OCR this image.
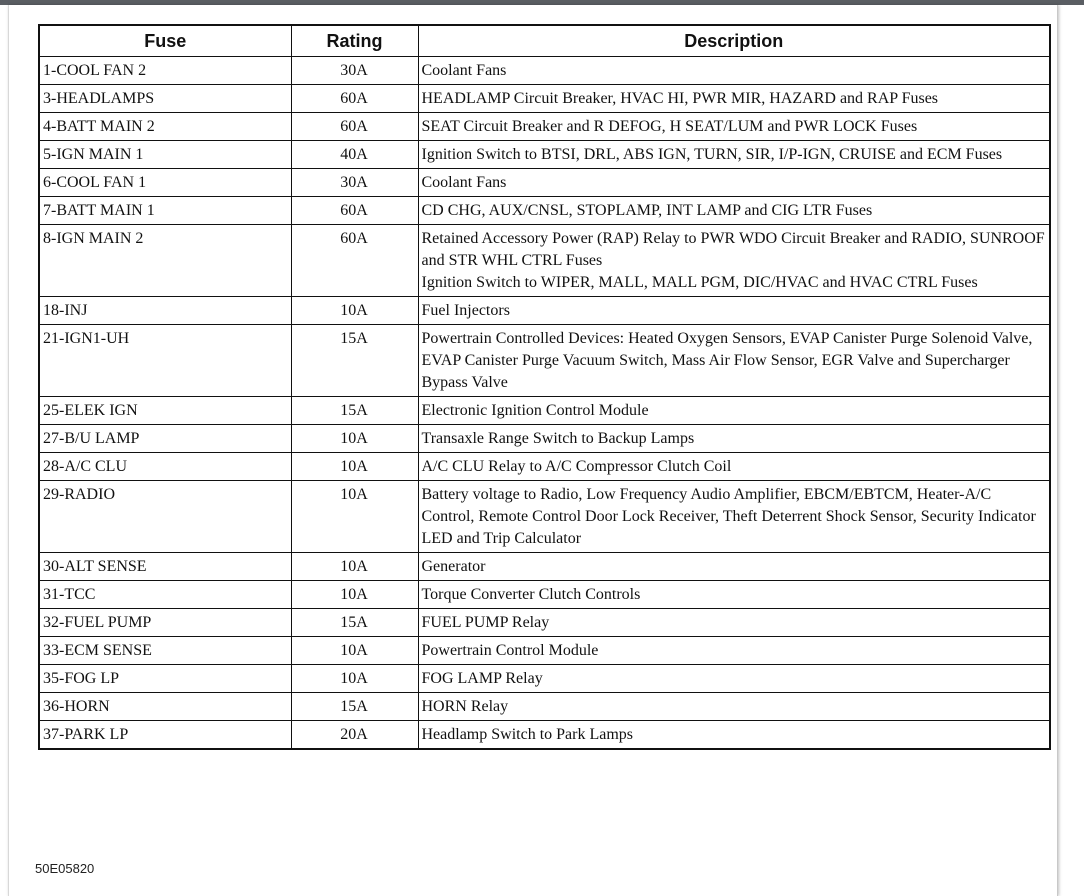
Fuse	Rating	Description
1-COOL FAN 2	30A	Coolant Fans

3-HEADLAMPS	60A	HEADLAMP Circuit Breaker, HVAC HI, PWR MIR, HAZARD and RAP Fuses

4-BATT MAIN 2	60A	SEAT Circuit Breaker and R DEFOG, H SEAT/LUM and PWR LOCK Fuses

5-IGN MAIN 1	40A	Ignition Switch to BTSI, DRL, ABS IGN, TURN, SIR, I/P-IGN, CRUISE and ECM Fuses

6-COOL FAN 1	30A	Coolant Fans

7-BATT MAIN 1	60A	CD CHG, AUX/CNSL, STOPLAMP, INT LAMP and CIG LTR Fuses

8-IGN MAIN 2	60A	Retained Accessory Power (RAP) Relay to PWR WDO Circuit Breaker and RADIO, SUNROOF and STR WHL CTRL Fuses
Ignition Switch to WIPER, MALL, MALL PGM, DIC/HVAC and HVAC CTRL Fuses

18-INJ	10A	Fuel Injectors

21-IGN1-UH	15A	Powertrain Controlled Devices: Heated Oxygen Sensors, EVAP Canister Purge Solenoid Valve, EVAP Canister Purge Vacuum Switch, Mass Air Flow Sensor, EGR Valve and Supercharger Bypass Valve

25-ELEK IGN	15A	Electronic Ignition Control Module

27-B/U LAMP	10A	Transaxle Range Switch to Backup Lamps

28-A/C CLU	10A	A/C CLU Relay to A/C Compressor Clutch Coil

29-RADIO	10A	Battery voltage to Radio, Low Frequency Audio Amplifier, EBCM/EBTCM, Heater-A/C Control, Remote Control Door Lock Receiver, Theft Deterrent Shock Sensor, Security Indicator LED and Trip Calculator

30-ALT SENSE	10A	Generator

31-TCC	10A	Torque Converter Clutch Controls

32-FUEL PUMP	15A	FUEL PUMP Relay

33-ECM SENSE	10A	Powertrain Control Module

35-FOG LP	10A	FOG LAMP Relay

36-HORN	15A	HORN Relay

37-PARK LP	20A	Headlamp Switch to Park Lamps
50E05820
